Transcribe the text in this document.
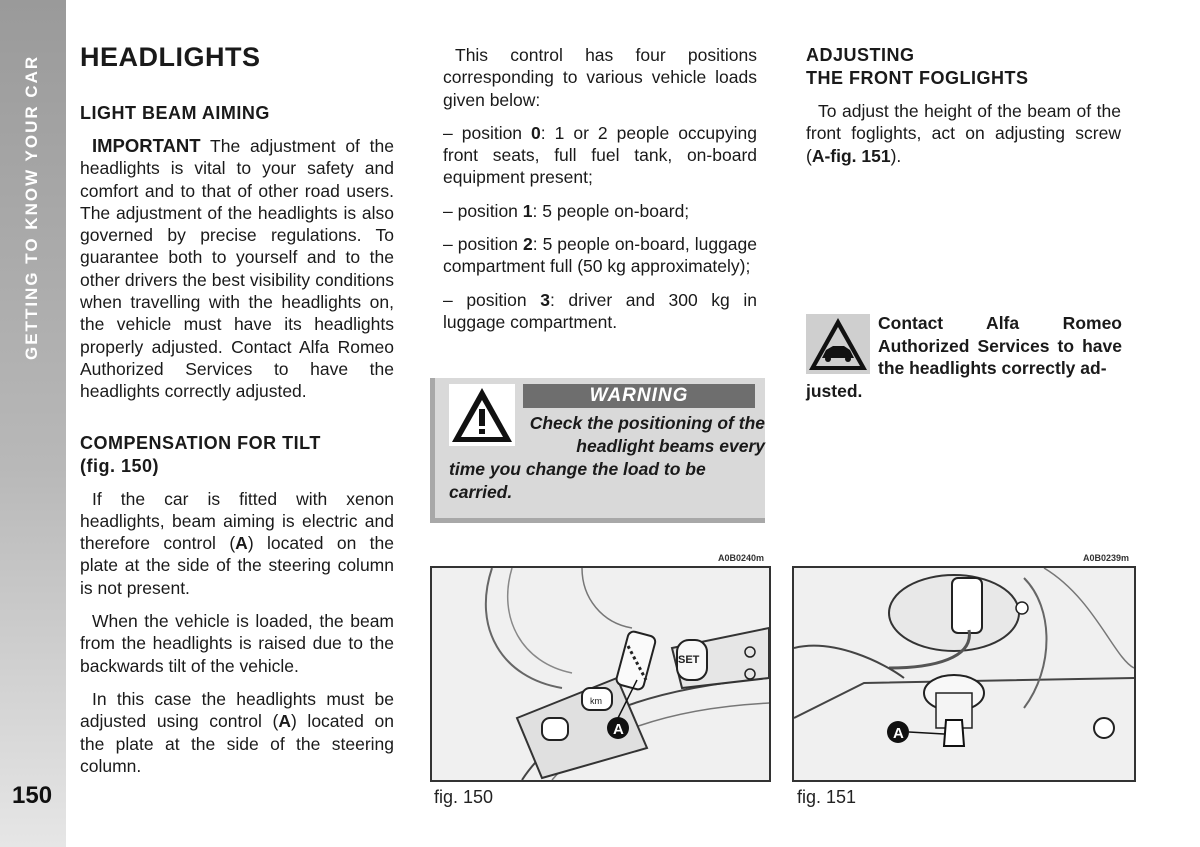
GETTING TO KNOW YOUR CAR
150
HEADLIGHTS
LIGHT BEAM AIMING

IMPORTANT The adjustment of the headlights is vital to your safety and comfort and to that of other road users. The adjustment of the headlights is also governed by precise regulations. To guarantee both to yourself and to the other drivers the best visibility conditions when travelling with the headlights on, the vehicle must have its headlights properly adjusted. Contact Alfa Romeo Authorized Services to have the headlights correctly adjusted.

COMPENSATION FOR TILT
(fig. 150)

If the car is fitted with xenon headlights, beam aiming is electric and therefore control (A) located on the plate at the side of the steering column is not present.

When the vehicle is loaded, the beam from the headlights is raised due to the backwards tilt of the vehicle.

In this case the headlights must be adjusted using control (A) located on the plate at the side of the steering column.

This control has four positions corresponding to various vehicle loads given below:

– position 0: 1 or 2 people occupying front seats, full fuel tank, on-board equipment present;

– position 1: 5 people on-board;

– position 2: 5 people on-board, luggage compartment full (50 kg approximately);

– position 3: driver and 300 kg in luggage compartment.

WARNING
Check the positioning of the headlight beams every
time you change the load to be carried.
ADJUSTING
THE FRONT FOGLIGHTS

To adjust the height of the beam of the front foglights, act on adjusting screw (A-fig. 151).

Contact Alfa Romeo Authorized Services to have the headlights correctly ad-
justed.
A0B0240m
SET
km
A
fig. 150
A0B0239m
A
fig. 151
